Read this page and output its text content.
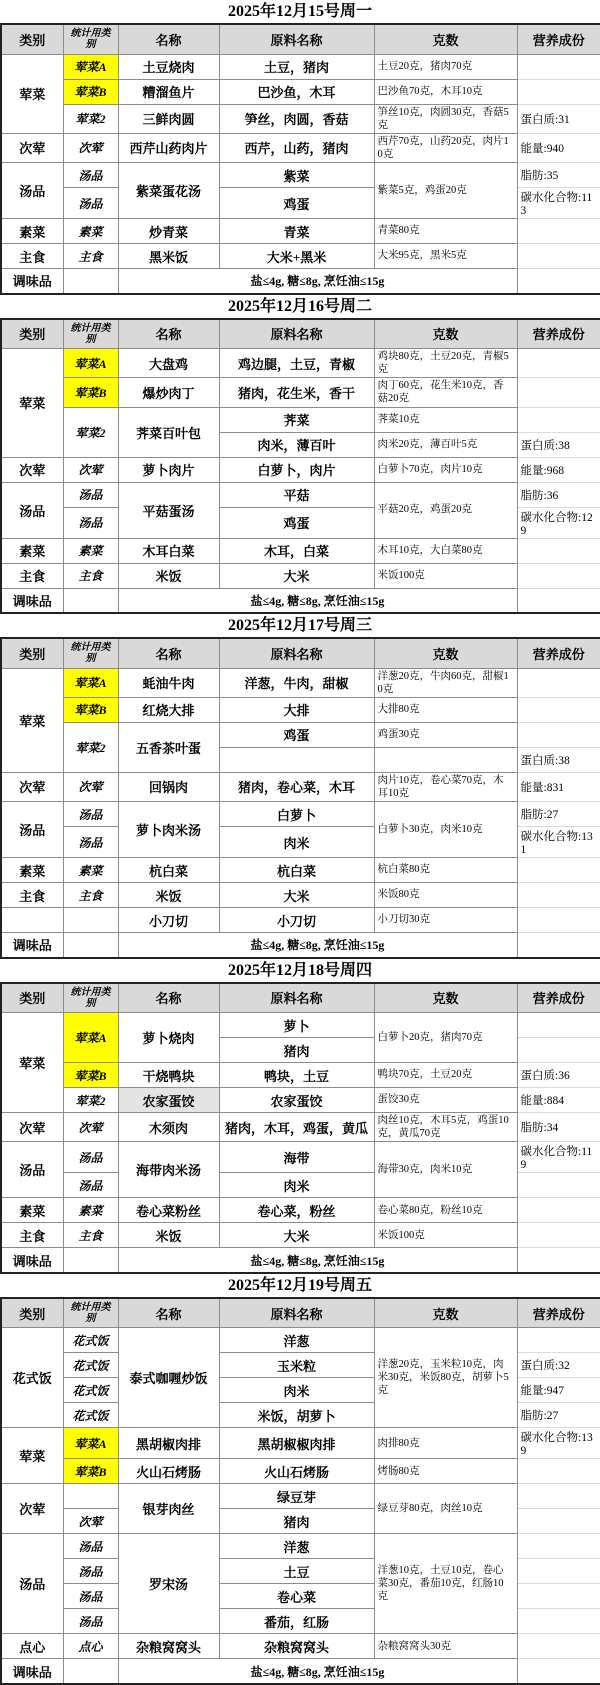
2025年12月15号周一
类别	统计用类别	名称	原料名称	克数	营养成份
荤菜	荤菜A	土豆烧肉	土豆，猪肉	土豆20克，猪肉70克	
	荤菜B	糟溜鱼片	巴沙鱼，木耳	巴沙鱼70克，木耳10克	
	荤菜2	三鲜肉圆	笋丝，肉圆，香菇	笋丝10克，肉圆30克，香菇5克	蛋白质:31
次荤	次荤	西芹山药肉片	西芹，山药，猪肉	西芹70克，山药20克，肉片10克	能量:940
汤品	汤品	紫菜蛋花汤	紫菜	紫菜5克，鸡蛋20克	脂肪:35
	汤品		鸡蛋		碳水化合物:113
素菜	素菜	炒青菜	青菜	青菜80克	
主食	主食	黑米饭	大米+黑米	大米95克，黑米5克	
调味品		盐≤4g, 糖≤8g, 烹饪油≤15g			
2025年12月16号周二
类别	统计用类别	名称	原料名称	克数	营养成份
荤菜	荤菜A	大盘鸡	鸡边腿，土豆，青椒	鸡块80克，土豆20克，青椒5克	
	荤菜B	爆炒肉丁	猪肉，花生米，香干	肉丁60克，花生米10克，香菇20克	
	荤菜2	荠菜百叶包	荠菜	荠菜10克	
			肉米，薄百叶	肉米20克，薄百叶5克	蛋白质:38
次荤	次荤	萝卜肉片	白萝卜，肉片	白萝卜70克，肉片10克	能量:968
汤品	汤品	平菇蛋汤	平菇	平菇20克，鸡蛋20克	脂肪:36
	汤品		鸡蛋		碳水化合物:129
素菜	素菜	木耳白菜	木耳，白菜	木耳10克，大白菜80克	
主食	主食	米饭	大米	米饭100克	
调味品		盐≤4g, 糖≤8g, 烹饪油≤15g			
2025年12月17号周三
类别	统计用类别	名称	原料名称	克数	营养成份
荤菜	荤菜A	蚝油牛肉	洋葱，牛肉，甜椒	洋葱20克，牛肉60克，甜椒10克	
	荤菜B	红烧大排	大排	大排80克	
	荤菜2	五香茶叶蛋	鸡蛋	鸡蛋30克	
					蛋白质:38
次荤	次荤	回锅肉	猪肉，卷心菜，木耳	肉片10克，卷心菜70克，木耳10克	能量:831
汤品	汤品	萝卜肉米汤	白萝卜	白萝卜30克，肉米10克	脂肪:27
	汤品		肉米		碳水化合物:131
素菜	素菜	杭白菜	杭白菜	杭白菜80克	
主食	主食	米饭	大米	米饭80克	
		小刀切	小刀切	小刀切30克	
调味品		盐≤4g, 糖≤8g, 烹饪油≤15g			
2025年12月18号周四
类别	统计用类别	名称	原料名称	克数	营养成份
荤菜	荤菜A	萝卜烧肉	萝卜	白萝卜20克，猪肉70克	
			猪肉		
	荤菜B	干烧鸭块	鸭块，土豆	鸭块70克，土豆20克	蛋白质:36
	荤菜2	农家蛋饺	农家蛋饺	蛋饺30克	能量:884
次荤	次荤	木须肉	猪肉，木耳，鸡蛋，黄瓜	肉丝10克，木耳5克，鸡蛋10克，黄瓜70克	脂肪:34
汤品	汤品	海带肉米汤	海带	海带30克，肉米10克	碳水化合物:119
	汤品		肉米		
素菜	素菜	卷心菜粉丝	卷心菜，粉丝	卷心菜80克，粉丝10克	
主食	主食	米饭	大米	米饭100克	
调味品		盐≤4g, 糖≤8g, 烹饪油≤15g			
2025年12月19号周五
类别	统计用类别	名称	原料名称	克数	营养成份
花式饭	花式饭	泰式咖喱炒饭	洋葱	洋葱20克，玉米粒10克，肉米30克，米饭80克，胡萝卜5克	
	花式饭		玉米粒		蛋白质:32
	花式饭		肉米		能量:947
	花式饭		米饭，胡萝卜		脂肪:27
荤菜	荤菜A	黑胡椒肉排	黑胡椒椒肉排	肉排80克	碳水化合物:139
	荤菜B	火山石烤肠	火山石烤肠	烤肠80克	
次荤		银芽肉丝	绿豆芽	绿豆芽80克，肉丝10克	
	次荤		猪肉		
汤品	汤品	罗宋汤	洋葱	洋葱10克，土豆10克，卷心菜30克，番茄10克，红肠10克	
	汤品		土豆		
	汤品		卷心菜		
	汤品		番茄，红肠		
点心	点心	杂粮窝窝头	杂粮窝窝头	杂粮窝窝头30克	
调味品		盐≤4g, 糖≤8g, 烹饪油≤15g			
